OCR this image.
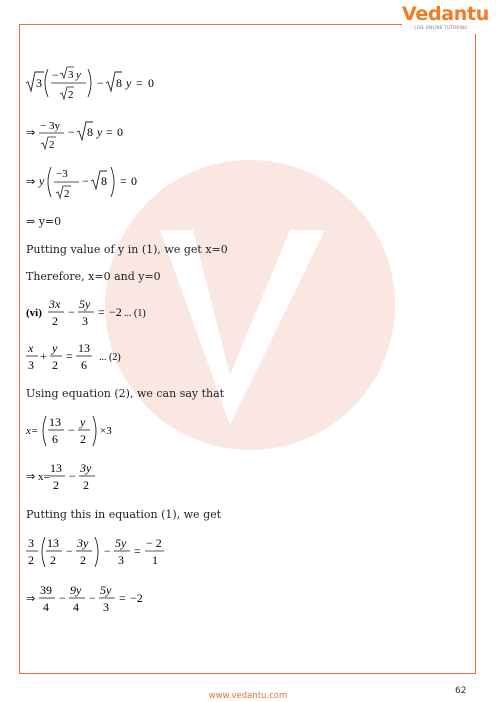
Vedantu
LIVE ONLINE TUTORING
3
− 3 y
2
− 8 y = 0
⇒
− 3y
2
− 8 y = 0
⇒ y −3
2
− 8 = 0
⇒ y=0
Putting value of y in (1), we get x=0
Therefore, x=0 and y=0
(vi)
3x
2
−
5y
3
= −2 ... (1)
x
3
+
y
2
=
13
6
... (2)
Using equation (2), we can say that
x=
13
6
−
y
2
×3
⇒ x=
13
2
−
3y
2
Putting this in equation (1), we get
3
2
13
2
−
3y
2
−
5y
3
=
− 2
1
⇒
39
4
−
9y
4
−
5y
3
= −2
62
www.vedantu.com
